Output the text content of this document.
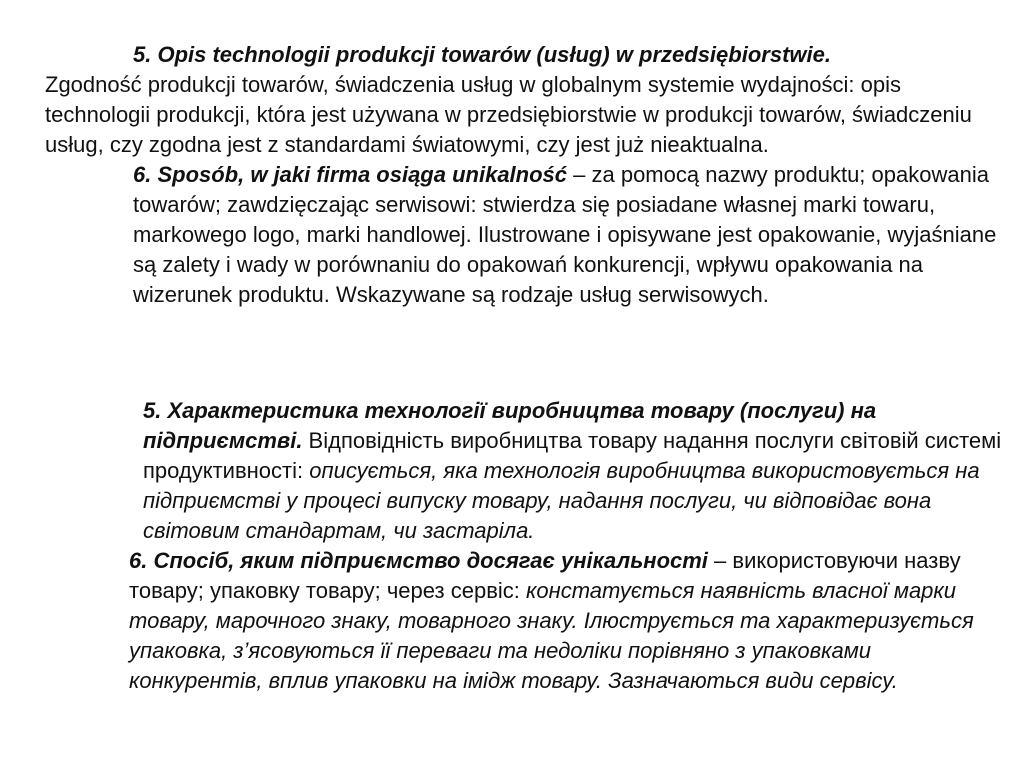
5. Opis technologii produkcji towarów (usług) w przedsiębiorstwie.

Zgodność produkcji towarów, świadczenia usług w globalnym systemie wydajności: opis technologii produkcji, która jest używana w przedsiębiorstwie w produkcji towarów, świadczeniu usług, czy zgodna jest z standardami światowymi, czy jest już nieaktualna.

6. Sposób, w jaki firma osiąga unikalność – za pomocą nazwy produktu; opakowania towarów; zawdzięczając serwisowi: stwierdza się posiadane własnej marki towaru, markowego logo, marki handlowej. Ilustrowane i opisywane jest opakowanie, wyjaśniane są zalety i wady w porównaniu do opakowań konkurencji, wpływu opakowania na wizerunek produktu. Wskazywane są rodzaje usług serwisowych.

5. Характеристика технології виробництва товару (послуги) на підприємстві. Відповідність виробництва товару надання послуги світовій системі продуктивності: описується, яка технологія виробництва використовується на підприємстві у процесі випуску товару, надання послуги, чи відповідає вона світовим стандартам, чи застаріла.

6. Спосіб, яким підприємство досягає унікальності – використовуючи назву товару; упаковку товару; через сервіс: констатується наявність власної марки товару, марочного знаку, товарного знаку. Ілюструється та характеризується упаковка, з’ясовуються її переваги та недоліки порівняно з упаковками конкурентів, вплив упаковки на імідж товару. Зазначаються види сервісу.
